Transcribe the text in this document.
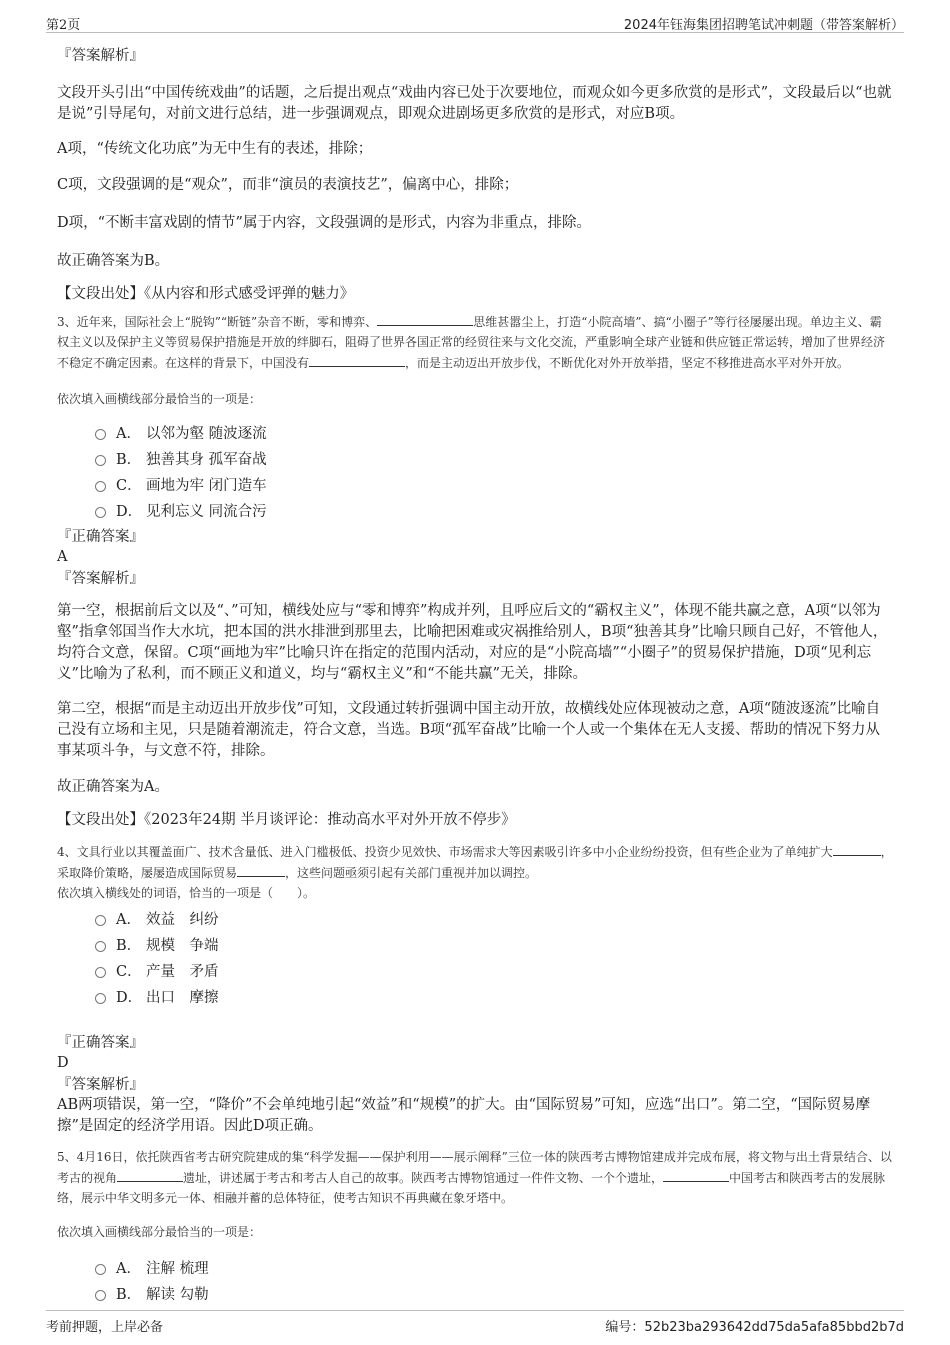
第2页	2024年钰海集团招聘笔试冲刺题（带答案解析）
『答案解析』

文段开头引出“中国传统戏曲”的话题，之后提出观点“戏曲内容已处于次要地位，而观众如今更多欣赏的是形式”，文段最后以“也就是说”引导尾句，对前文进行总结，进一步强调观点，即观众进剧场更多欣赏的是形式，对应B项。

A项，“传统文化功底”为无中生有的表述，排除；

C项，文段强调的是“观众”，而非“演员的表演技艺”，偏离中心，排除；

D项，“不断丰富戏剧的情节”属于内容，文段强调的是形式，内容为非重点，排除。

故正确答案为B。

【文段出处】《从内容和形式感受评弹的魅力》

3、近年来，国际社会上“脱钩”“断链”杂音不断，零和博弈、	思维甚嚣尘上，打造“小院高墙”、搞“小圈子”等行径屡屡出现。单边主义、霸权主义以及保护主义等贸易保护措施是开放的绊脚石，阻碍了世界各国正常的经贸往来与文化交流，严重影响全球产业链和供应链正常运转，增加了世界经济不稳定不确定因素。在这样的背景下，中国没有	，而是主动迈出开放步伐，不断优化对外开放举措，坚定不移推进高水平对外开放。

依次填入画横线部分最恰当的一项是：

A． 以邻为壑 随波逐流
B． 独善其身 孤军奋战
C． 画地为牢 闭门造车
D． 见利忘义 同流合污
『正确答案』
A
『答案解析』

第一空，根据前后文以及“、”可知，横线处应与“零和博弈”构成并列，且呼应后文的“霸权主义”，体现不能共赢之意，A项“以邻为壑”指拿邻国当作大水坑，把本国的洪水排泄到那里去，比喻把困难或灾祸推给别人，B项“独善其身”比喻只顾自己好，不管他人，均符合文意，保留。C项“画地为牢”比喻只许在指定的范围内活动，对应的是“小院高墙”“小圈子”的贸易保护措施，D项“见利忘义”比喻为了私利，而不顾正义和道义，均与“霸权主义”和“不能共赢”无关，排除。

第二空，根据“而是主动迈出开放步伐”可知，文段通过转折强调中国主动开放，故横线处应体现被动之意，A项“随波逐流”比喻自己没有立场和主见，只是随着潮流走，符合文意，当选。B项“孤军奋战”比喻一个人或一个集体在无人支援、帮助的情况下努力从事某项斗争，与文意不符，排除。

故正确答案为A。

【文段出处】《2023年24期 半月谈评论：推动高水平对外开放不停步》

4、文具行业以其覆盖面广、技术含量低、进入门槛极低、投资少见效快、市场需求大等因素吸引许多中小企业纷纷投资，但有些企业为了单纯扩大	，采取降价策略，屡屡造成国际贸易	，这些问题亟须引起有关部门重视并加以调控。

依次填入横线处的词语，恰当的一项是（　　）。

A． 效益　纠纷
B． 规模　争端
C． 产量　矛盾
D． 出口　摩擦
『正确答案』
D
『答案解析』

AB两项错误，第一空，“降价”不会单纯地引起“效益”和“规模”的扩大。由“国际贸易”可知，应选“出口”。第二空，“国际贸易摩擦”是固定的经济学用语。因此D项正确。

5、4月16日，依托陕西省考古研究院建成的集“科学发掘——保护利用——展示阐释”三位一体的陕西考古博物馆建成并完成布展，将文物与出土背景结合、以考古的视角	遗址，讲述属于考古和考古人自己的故事。陕西考古博物馆通过一件件文物、一个个遗址，	中国考古和陕西考古的发展脉络，展示中华文明多元一体、相融并蓄的总体特征，使考古知识不再典藏在象牙塔中。

依次填入画横线部分最恰当的一项是：

A． 注解 梳理
B． 解读 勾勒
考前押题，上岸必备	编号：52b23ba293642dd75da5afa85bbd2b7d
